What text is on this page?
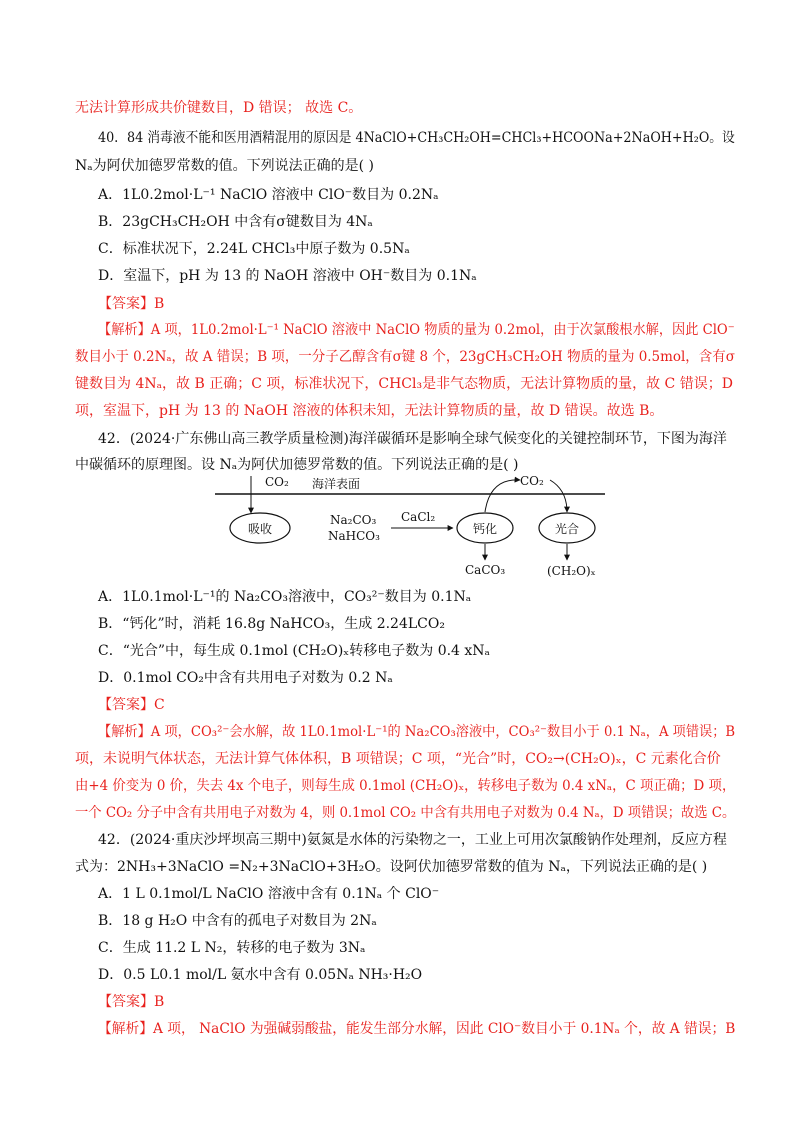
无法计算形成共价键数目，D 错误； 故选 C。
40．84 消毒液不能和医用酒精混用的原因是 4NaClO+CH₃CH₂OH=CHCl₃+HCOONa+2NaOH+H₂O。设
Nₐ为阿伏加德罗常数的值。下列说法正确的是( )
A．1L0.2mol·L⁻¹ NaClO 溶液中 ClO⁻数目为 0.2Nₐ
B．23gCH₃CH₂OH 中含有σ键数目为 4Nₐ
C．标准状况下，2.24L CHCl₃中原子数为 0.5Nₐ
D．室温下，pH 为 13 的 NaOH 溶液中 OH⁻数目为 0.1Nₐ
【答案】B
【解析】A 项，1L0.2mol·L⁻¹ NaClO 溶液中 NaClO 物质的量为 0.2mol，由于次氯酸根水解，因此 ClO⁻
数目小于 0.2Nₐ，故 A 错误；B 项，一分子乙醇含有σ键 8 个，23gCH₃CH₂OH 物质的量为 0.5mol，含有σ
键数目为 4Nₐ，故 B 正确；C 项，标准状况下，CHCl₃是非气态物质，无法计算物质的量，故 C 错误；D
项，室温下，pH 为 13 的 NaOH 溶液的体积未知，无法计算物质的量，故 D 错误。故选 B。
42．(2024·广东佛山高三教学质量检测)海洋碳循环是影响全球气候变化的关键控制环节，下图为海洋
中碳循环的原理图。设 Nₐ为阿伏加德罗常数的值。下列说法正确的是( )
CO₂ 海洋表面
吸收
Na₂CO₃
NaHCO₃
CaCl₂
钙化
CO₂
光合
CaCO₃	(CH₂O)ₓ
A．1L0.1mol·L⁻¹的 Na₂CO₃溶液中，CO₃²⁻数目为 0.1Nₐ
B．“钙化”时，消耗 16.8g NaHCO₃，生成 2.24LCO₂
C．“光合”中，每生成 0.1mol (CH₂O)ₓ转移电子数为 0.4 xNₐ
D．0.1mol CO₂中含有共用电子对数为 0.2 Nₐ
【答案】C
【解析】A 项，CO₃²⁻会水解，故 1L0.1mol·L⁻¹的 Na₂CO₃溶液中，CO₃²⁻数目小于 0.1 Nₐ，A 项错误；B
项，未说明气体状态，无法计算气体体积，B 项错误；C 项，“光合”时，CO₂→(CH₂O)ₓ，C 元素化合价
由+4 价变为 0 价，失去 4x 个电子，则每生成 0.1mol (CH₂O)ₓ，转移电子数为 0.4 xNₐ，C 项正确；D 项，
一个 CO₂ 分子中含有共用电子对数为 4，则 0.1mol CO₂ 中含有共用电子对数为 0.4 Nₐ，D 项错误；故选 C。
42．(2024·重庆沙坪坝高三期中)氨氮是水体的污染物之一，工业上可用次氯酸钠作处理剂，反应方程
式为：2NH₃+3NaClO =N₂+3NaClO+3H₂O。设阿伏加德罗常数的值为 Nₐ，下列说法正确的是( )
A．1 L 0.1mol/L NaClO 溶液中含有 0.1Nₐ 个 ClO⁻
B．18 g H₂O 中含有的孤电子对数目为 2Nₐ
C．生成 11.2 L N₂，转移的电子数为 3Nₐ
D．0.5 L0.1 mol/L 氨水中含有 0.05Nₐ NH₃·H₂O
【答案】B
【解析】A 项， NaClO 为强碱弱酸盐，能发生部分水解，因此 ClO⁻数目小于 0.1Nₐ 个，故 A 错误；B
